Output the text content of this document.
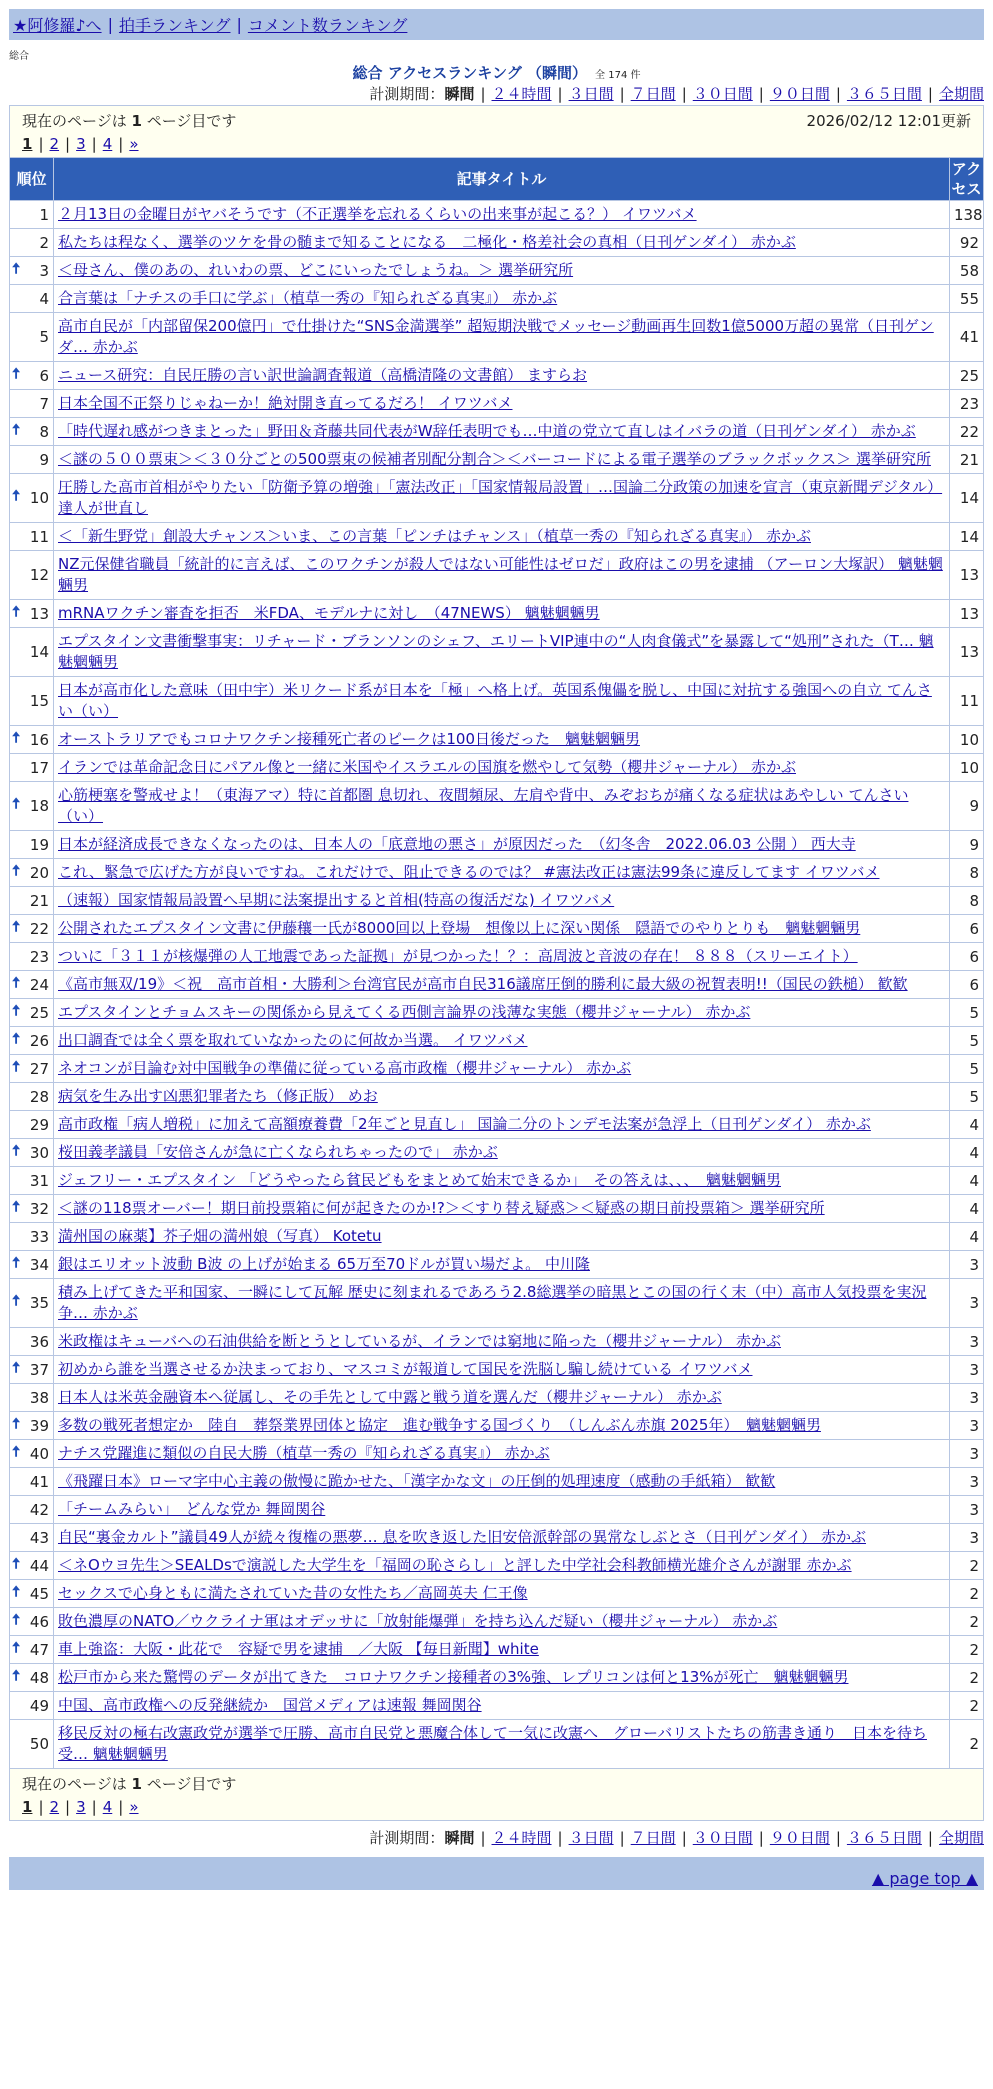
★阿修羅♪へ | 拍手ランキング | コメント数ランキング
総合
総合 アクセスランキング （瞬間） 全 174 件
計測期間：瞬間 | ２４時間 | ３日間 | ７日間 | ３０日間 | ９０日間 | ３６５日間 | 全期間
現在のページは 1 ページ目です 2026/02/12 12:01更新
1 | 2 | 3 | 4 | »		

順位	記事タイトル	アクセス
1	２月13日の金曜日がヤバそうです（不正選挙を忘れるくらいの出来事が起こる？） イワツバメ	138
2	私たちは程なく、選挙のツケを骨の髄まで知ることになる　二極化・格差社会の真相（日刊ゲンダイ） 赤かぶ	92

🠅 3	＜母さん、僕のあの、れいわの票、どこにいったでしょうね。＞ 選挙研究所	58
4	合言葉は「ナチスの手口に学ぶ」（植草一秀の『知られざる真実』） 赤かぶ	55
5	高市自民が「内部留保200億円」で仕掛けた“SNS金満選挙” 超短期決戦でメッセージ動画再生回数1億5000万超の異常（日刊ゲンダ… 赤かぶ	41

🠅 6	ニュース研究：自民圧勝の言い訳世論調査報道（高橋清隆の文書館） ますらお	25
7	日本全国不正祭りじゃねーか！絶対開き直ってるだろ！ イワツバメ	23

🠅 8	「時代遅れ感がつきまとった」野田＆斉藤共同代表がW辞任表明でも…中道の党立て直しはイバラの道（日刊ゲンダイ） 赤かぶ	22
9	＜謎の５００票束＞＜３０分ごとの500票束の候補者別配分割合＞＜バーコードによる電子選挙のブラックボックス＞ 選挙研究所	21

🠅 10	圧勝した高市首相がやりたい「防衛予算の増強」「憲法改正」「国家情報局設置」…国論二分政策の加速を宣言（東京新聞デジタル） 達人が世直し	14
11	＜「新生野党」創設大チャンス＞いま、この言葉「ピンチはチャンス」（植草一秀の『知られざる真実』） 赤かぶ	14
12	NZ元保健省職員「統計的に言えば、このワクチンが殺人ではない可能性はゼロだ」政府はこの男を逮捕 （アーロン大塚訳） 魑魅魍魎男	13

🠅 13	mRNAワクチン審査を拒否　米FDA、モデルナに対し　（47NEWS） 魑魅魍魎男	13
14	エプスタイン文書衝撃事実：リチャード・ブランソンのシェフ、エリートVIP連中の“人肉食儀式”を暴露して“処刑”された（T… 魑魅魍魎男	13
15	日本が高市化した意味（田中宇）米リクード系が日本を「極」へ格上げ。英国系傀儡を脱し、中国に対抗する強国への自立 てんさい（い）	11

🠅 16	オーストラリアでもコロナワクチン接種死亡者のピークは100日後だった　魑魅魍魎男	10
17	イランでは革命記念日にパアル像と一緒に米国やイスラエルの国旗を燃やして気勢（櫻井ジャーナル） 赤かぶ	10

🠅 18	心筋梗塞を警戒せよ！（東海アマ）特に首都圏 息切れ、夜間頻尿、左肩や背中、みぞおちが痛くなる症状はあやしい てんさい（い）	9
19	日本が経済成長できなくなったのは、日本人の「底意地の悪さ」が原因だった　（幻冬舎　2022.06.03 公開 ） 西大寺	9

🠅 20	これ、緊急で広げた方が良いですね。これだけで、阻止できるのでは？ #憲法改正は憲法99条に違反してます イワツバメ	8
21	（速報）国家情報局設置へ早期に法案提出すると首相(特高の復活だな) イワツバメ	8

🠅 22	公開されたエプスタイン文書に伊藤穰一氏が8000回以上登場　想像以上に深い関係　隠語でのやりとりも　魑魅魍魎男	6
23	ついに「３１１が核爆弾の人工地震であった証拠」が見つかった！？：高周波と音波の存在！ ８８８（スリーエイト）	6

🠅 24	《高市無双/19》＜祝　高市首相・大勝利＞台湾官民が高市自民316議席圧倒的勝利に最大級の祝賀表明!!（国民の鉄槌） 歓歓	6

🠅 25	エプスタインとチョムスキーの関係から見えてくる西側言論界の浅薄な実態（櫻井ジャーナル） 赤かぶ	5

🠅 26	出口調査では全く票を取れていなかったのに何故か当選。 イワツバメ	5

🠅 27	ネオコンが目論む対中国戦争の準備に従っている高市政権（櫻井ジャーナル） 赤かぶ	5
28	病気を生み出す凶悪犯罪者たち（修正版） めお	5
29	高市政権「病人増税」に加えて高額療養費「2年ごと見直し」 国論二分のトンデモ法案が急浮上（日刊ゲンダイ） 赤かぶ	4

🠅 30	桜田義孝議員「安倍さんが急に亡くなられちゃったので」 赤かぶ	4
31	ジェフリー・エプスタイン 「どうやったら貧民どもをまとめて始末できるか」　その答えは、、、　魑魅魍魎男	4

🠅 32	＜謎の118票オーバー！期日前投票箱に何が起きたのか!?＞＜すり替え疑惑＞＜疑惑の期日前投票箱＞ 選挙研究所	4
33	満州国の麻薬】芥子畑の満州娘（写真） Kotetu	4

🠅 34	銀はエリオット波動 B波 の上げが始まる 65万至70ドルが買い場だよ。 中川隆	3

🠅 35	積み上げてきた平和国家、一瞬にして瓦解 歴史に刻まれるであろう2.8総選挙の暗黒とこの国の行く末（中）高市人気投票を実況争… 赤かぶ	3
36	米政権はキューバへの石油供給を断とうとしているが、イランでは窮地に陥った（櫻井ジャーナル） 赤かぶ	3

🠅 37	初めから誰を当選させるか決まっており、マスコミが報道して国民を洗脳し騙し続けている イワツバメ	3
38	日本人は米英金融資本へ従属し、その手先として中露と戦う道を選んだ（櫻井ジャーナル） 赤かぶ	3

🠅 39	多数の戦死者想定か　陸自　葬祭業界団体と協定　進む戦争する国づくり　（しんぶん赤旗 2025年）　魑魅魍魎男	3

🠅 40	ナチス党躍進に類似の自民大勝（植草一秀の『知られざる真実』） 赤かぶ	3
41	《飛躍日本》ローマ字中心主義の傲慢に跪かせた、「漢字かな文」の圧倒的処理速度（感動の手紙箱） 歓歓	3
42	「チームみらい」　どんな党か 舞岡関谷	3
43	自民“裏金カルト”議員49人が続々復権の悪夢… 息を吹き返した旧安倍派幹部の異常なしぶとさ（日刊ゲンダイ） 赤かぶ	3

🠅 44	＜ネOウヨ先生＞SEALDsで演説した大学生を「福岡の恥さらし」と評した中学社会科教師横光雄介さんが謝罪 赤かぶ	2

🠅 45	セックスで心身ともに満たされていた昔の女性たち／高岡英夫 仁王像	2

🠅 46	敗色濃厚のNATO／ウクライナ軍はオデッサに「放射能爆弾」を持ち込んだ疑い（櫻井ジャーナル） 赤かぶ	2

🠅 47	車上強盗：大阪・此花で　容疑で男を逮捕　／大阪 【毎日新聞】white	2

🠅 48	松戸市から来た驚愕のデータが出てきた　コロナワクチン接種者の3%強、レプリコンは何と13%が死亡　魑魅魍魎男	2
49	中国、高市政権への反発継続か　国営メディアは速報 舞岡関谷	2
50	移民反対の極右改憲政党が選挙で圧勝、高市自民党と悪魔合体して一気に改憲へ　グローバリストたちの筋書き通り　日本を待ち受… 魑魅魍魎男	2

現在のページは 1 ページ目です
1 | 2 | 3 | 4 | »		
計測期間：瞬間 | ２４時間 | ３日間 | ７日間 | ３０日間 | ９０日間 | ３６５日間 | 全期間
▲ page top ▲
